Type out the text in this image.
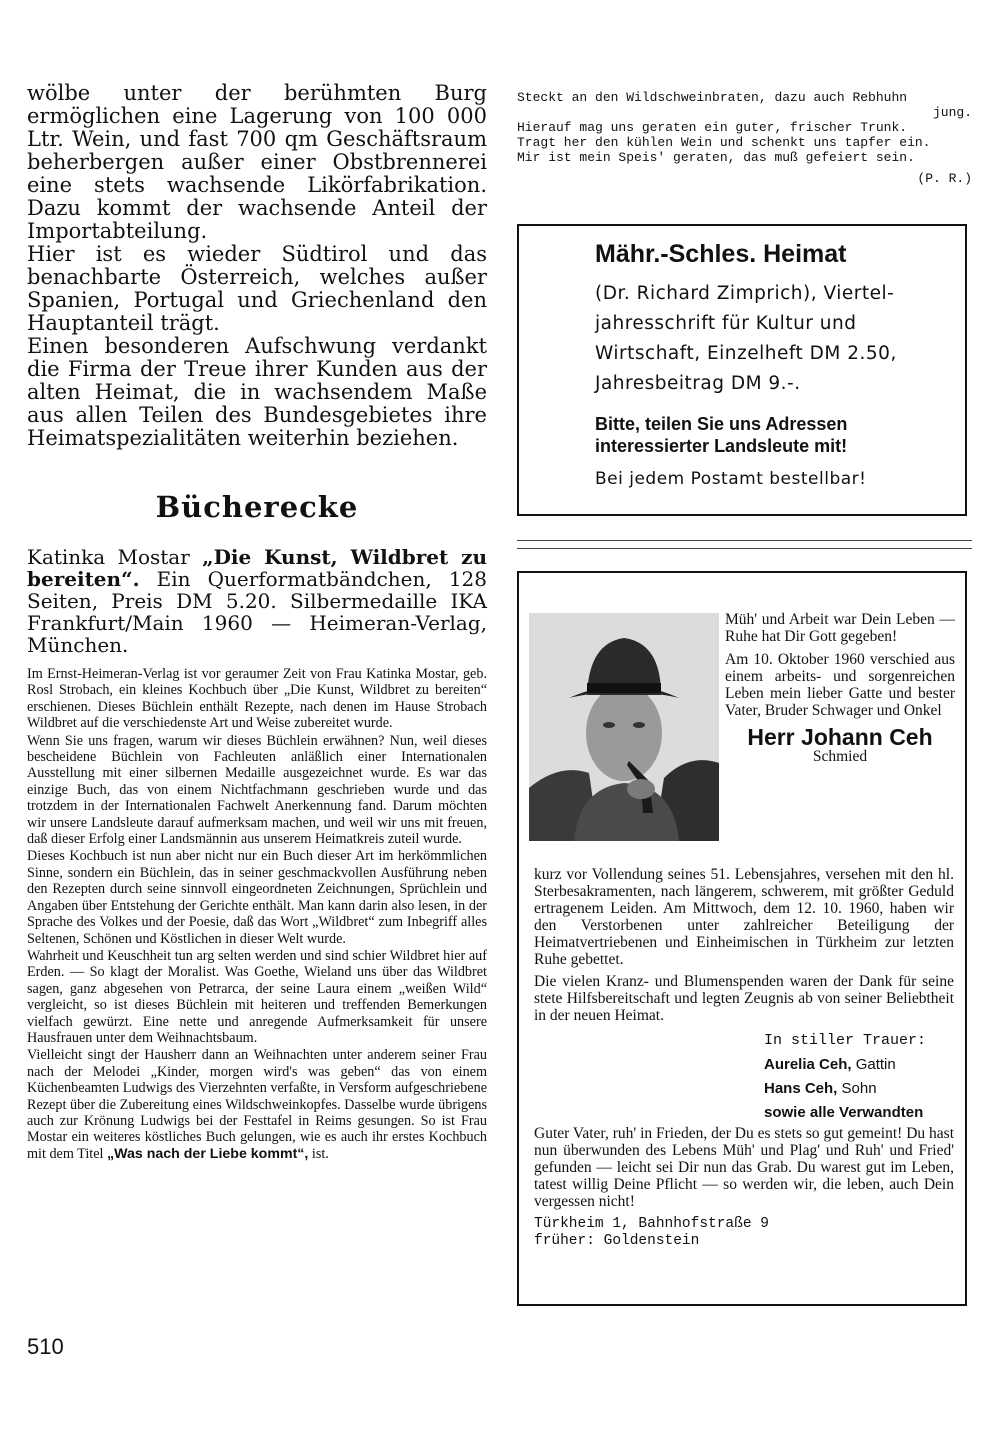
wölbe unter der berühmten Burg ermöglichen eine Lagerung von 100 000 Ltr. Wein, und fast 700 qm Geschäftsraum beherbergen außer einer Obstbrennerei eine stets wachsende Likörfabrikation. Dazu kommt der wachsende Anteil der Importabteilung.

Hier ist es wieder Südtirol und das benachbarte Österreich, welches außer Spanien, Portugal und Griechenland den Hauptanteil trägt.

Einen besonderen Aufschwung verdankt die Firma der Treue ihrer Kunden aus der alten Heimat, die in wachsendem Maße aus allen Teilen des Bundesgebietes ihre Heimatspezialitäten weiterhin beziehen.

Bücherecke

Katinka Mostar „Die Kunst, Wildbret zu bereiten“. Ein Querformatbändchen, 128 Seiten, Preis DM 5.20. Silbermedaille IKA Frankfurt/Main 1960 — Heimeran-Verlag, München.

Im Ernst-Heimeran-Verlag ist vor geraumer Zeit von Frau Katinka Mostar, geb. Rosl Strobach, ein kleines Kochbuch über „Die Kunst, Wildbret zu bereiten“ erschienen. Dieses Büchlein enthält Rezepte, nach denen im Hause Strobach Wildbret auf die verschiedenste Art und Weise zubereitet wurde.

Wenn Sie uns fragen, warum wir dieses Büchlein erwähnen? Nun, weil dieses bescheidene Büchlein von Fachleuten anläßlich einer Internationalen Ausstellung mit einer silbernen Medaille ausgezeichnet wurde. Es war das einzige Buch, das von einem Nichtfachmann geschrieben wurde und das trotzdem in der Internationalen Fachwelt Anerkennung fand. Darum möchten wir unsere Landsleute darauf aufmerksam machen, und weil wir uns mit freuen, daß dieser Erfolg einer Landsmännin aus unserem Heimatkreis zuteil wurde.

Dieses Kochbuch ist nun aber nicht nur ein Buch dieser Art im herkömmlichen Sinne, sondern ein Büchlein, das in seiner geschmackvollen Ausführung neben den Rezepten durch seine sinnvoll eingeordneten Zeichnungen, Sprüchlein und Angaben über Entstehung der Gerichte enthält. Man kann darin also lesen, in der Sprache des Volkes und der Poesie, daß das Wort „Wildbret“ zum Inbegriff alles Seltenen, Schönen und Köstlichen in dieser Welt wurde.

Wahrheit und Keuschheit tun arg selten werden und sind schier Wildbret hier auf Erden. — So klagt der Moralist. Was Goethe, Wieland uns über das Wildbret sagen, ganz abgesehen von Petrarca, der seine Laura einem „weißen Wild“ vergleicht, so ist dieses Büchlein mit heiteren und treffenden Bemerkungen vielfach gewürzt. Eine nette und anregende Aufmerksamkeit für unsere Hausfrauen unter dem Weihnachtsbaum.

Vielleicht singt der Hausherr dann an Weihnachten unter anderem seiner Frau nach der Melodei „Kinder, morgen wird's was geben“ das von einem Küchenbeamten Ludwigs des Vierzehnten verfaßte, in Versform aufgeschriebene Rezept über die Zubereitung eines Wildschweinkopfes. Dasselbe wurde übrigens auch zur Krönung Ludwigs bei der Festtafel in Reims gesungen. So ist Frau Mostar ein weiteres köstliches Buch gelungen, wie es auch ihr erstes Kochbuch mit dem Titel „Was nach der Liebe kommt“, ist.

510
Steckt an den Wildschweinbraten, dazu auch Rebhuhn
jung.
Hierauf mag uns geraten ein guter, frischer Trunk.
Tragt her den kühlen Wein und schenkt uns tapfer ein.
Mir ist mein Speis' geraten, das muß gefeiert sein.
(P. R.)
Mähr.-Schles. Heimat
(Dr. Richard Zimprich), Viertel-
jahresschrift für Kultur und
Wirtschaft, Einzelheft DM 2.50,
Jahresbeitrag DM 9.-.
Bitte, teilen Sie uns Adressen
interessierter Landsleute mit!
Bei jedem Postamt bestellbar!

Müh' und Arbeit war Dein Leben — Ruhe hat Dir Gott gegeben!

Am 10. Oktober 1960 verschied aus einem arbeits- und sorgenreichen Leben mein lieber Gatte und bester Vater, Bruder Schwager und Onkel

Herr Johann Ceh

Schmied

kurz vor Vollendung seines 51. Lebensjahres, versehen mit den hl. Sterbesakramenten, nach längerem, schwerem, mit größter Geduld ertragenem Leiden. Am Mittwoch, dem 12. 10. 1960, haben wir den Verstorbenen unter zahlreicher Beteiligung der Heimatvertriebenen und Einheimischen in Türkheim zur letzten Ruhe gebettet.

Die vielen Kranz- und Blumenspenden waren der Dank für seine stete Hilfsbereitschaft und legten Zeugnis ab von seiner Beliebtheit in der neuen Heimat.

In stiller Trauer:
Aurelia Ceh, Gattin
Hans Ceh, Sohn
sowie alle Verwandten

Guter Vater, ruh' in Frieden, der Du es stets so gut gemeint! Du hast nun überwunden des Lebens Müh' und Plag' und Ruh' und Fried' gefunden — leicht sei Dir nun das Grab. Du warest gut im Leben, tatest willig Deine Pflicht — so werden wir, die leben, auch Dein vergessen nicht!

Türkheim 1, Bahnhofstraße 9
früher: Goldenstein
